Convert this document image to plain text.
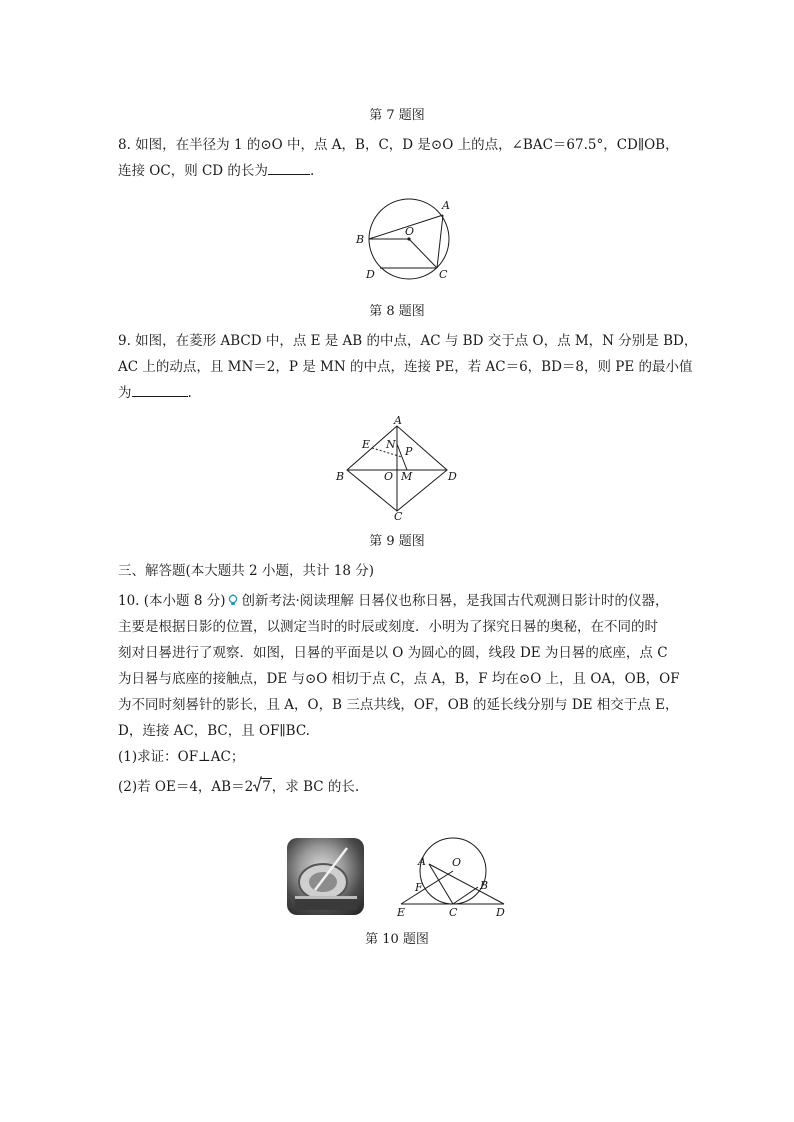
第 7 题图
8. 如图，在半径为 1 的⊙O 中，点 A，B，C，D 是⊙O 上的点，∠BAC＝67.5°，CD∥OB，
连接 OC，则 CD 的长为	.
A
B
O
D	C
第 8 题图
9. 如图，在菱形 ABCD 中，点 E 是 AB 的中点，AC 与 BD 交于点 O，点 M，N 分别是 BD，
AC 上的动点，且 MN＝2，P 是 MN 的中点，连接 PE，若 AC＝6，BD＝8，则 PE 的最小值
为	.
A
B
C
D
E N
P
O M
第 9 题图
三、解答题(本大题共 2 小题，共计 18 分)
10. (本小题 8 分) 创新考法·阅读理解 日晷仪也称日晷，是我国古代观测日影计时的仪器，
主要是根据日影的位置，以测定当时的时辰或刻度．小明为了探究日晷的奥秘，在不同的时
刻对日晷进行了观察．如图，日晷的平面是以 O 为圆心的圆，线段 DE 为日晷的底座，点 C
为日晷与底座的接触点，DE 与⊙O 相切于点 C，点 A，B，F 均在⊙O 上，且 OA，OB，OF
为不同时刻晷针的影长，且 A，O，B 三点共线，OF，OB 的延长线分别与 DE 相交于点 E，
D，连接 AC，BC，且 OF∥BC.
(1)求证：OF⊥AC；
(2)若 OE＝4，AB＝2 7，求 BC 的长.
A O
B
F
E	C	D
第 10 题图
